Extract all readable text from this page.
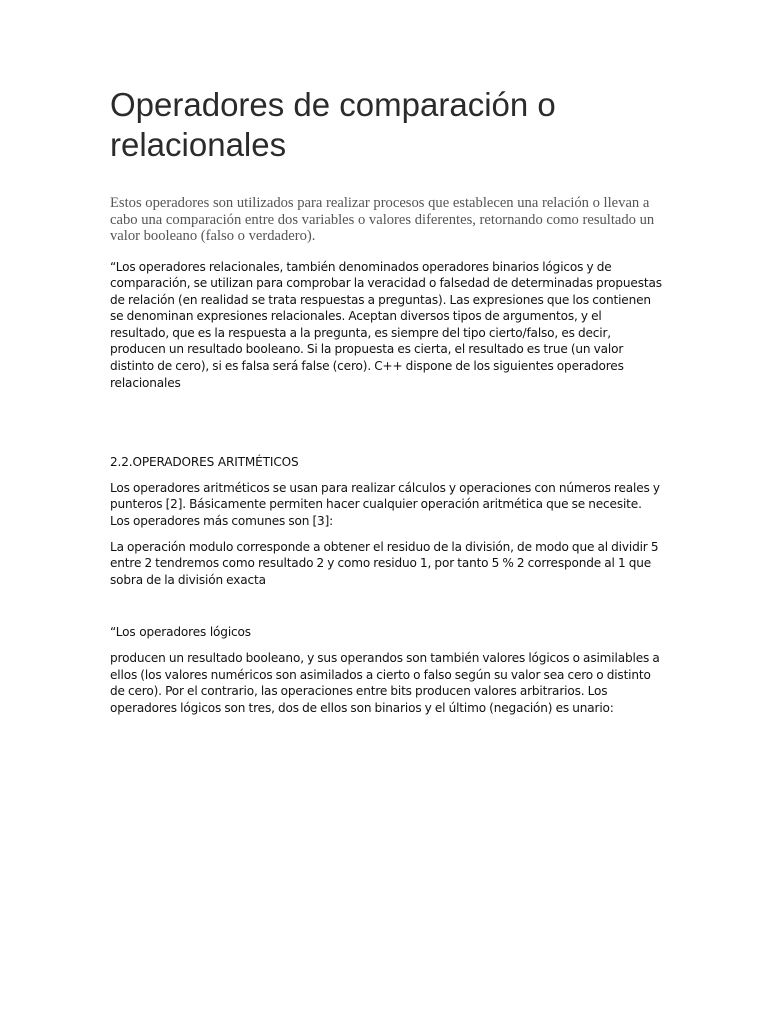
Operadores de comparación o relacionales

Estos operadores son utilizados para realizar procesos que establecen una relación o llevan a cabo una comparación entre dos variables o valores diferentes, retornando como resultado un valor booleano (falso o verdadero).

“Los operadores relacionales, también denominados operadores binarios lógicos y de comparación, se utilizan para comprobar la veracidad o falsedad de determinadas propuestas de relación (en realidad se trata respuestas a preguntas). Las expresiones que los contienen se denominan expresiones relacionales. Aceptan diversos tipos de argumentos, y el resultado, que es la respuesta a la pregunta, es siempre del tipo cierto/falso, es decir, producen un resultado booleano. Si la propuesta es cierta, el resultado es true (un valor distinto de cero), si es falsa será false (cero). C++ dispone de los siguientes operadores relacionales

2.2.OPERADORES ARITMÉTICOS

Los operadores aritméticos se usan para realizar cálculos y operaciones con números reales y punteros [2]. Básicamente permiten hacer cualquier operación aritmética que se necesite. Los operadores más comunes son [3]:

La operación modulo corresponde a obtener el residuo de la división, de modo que al dividir 5 entre 2 tendremos como resultado 2 y como residuo 1, por tanto 5 % 2 corresponde al 1 que sobra de la división exacta

“Los operadores lógicos

producen un resultado booleano, y sus operandos son también valores lógicos o asimilables a ellos (los valores numéricos son asimilados a cierto o falso según su valor sea cero o distinto de cero). Por el contrario, las operaciones entre bits producen valores arbitrarios. Los operadores lógicos son tres, dos de ellos son binarios y el último (negación) es unario:
